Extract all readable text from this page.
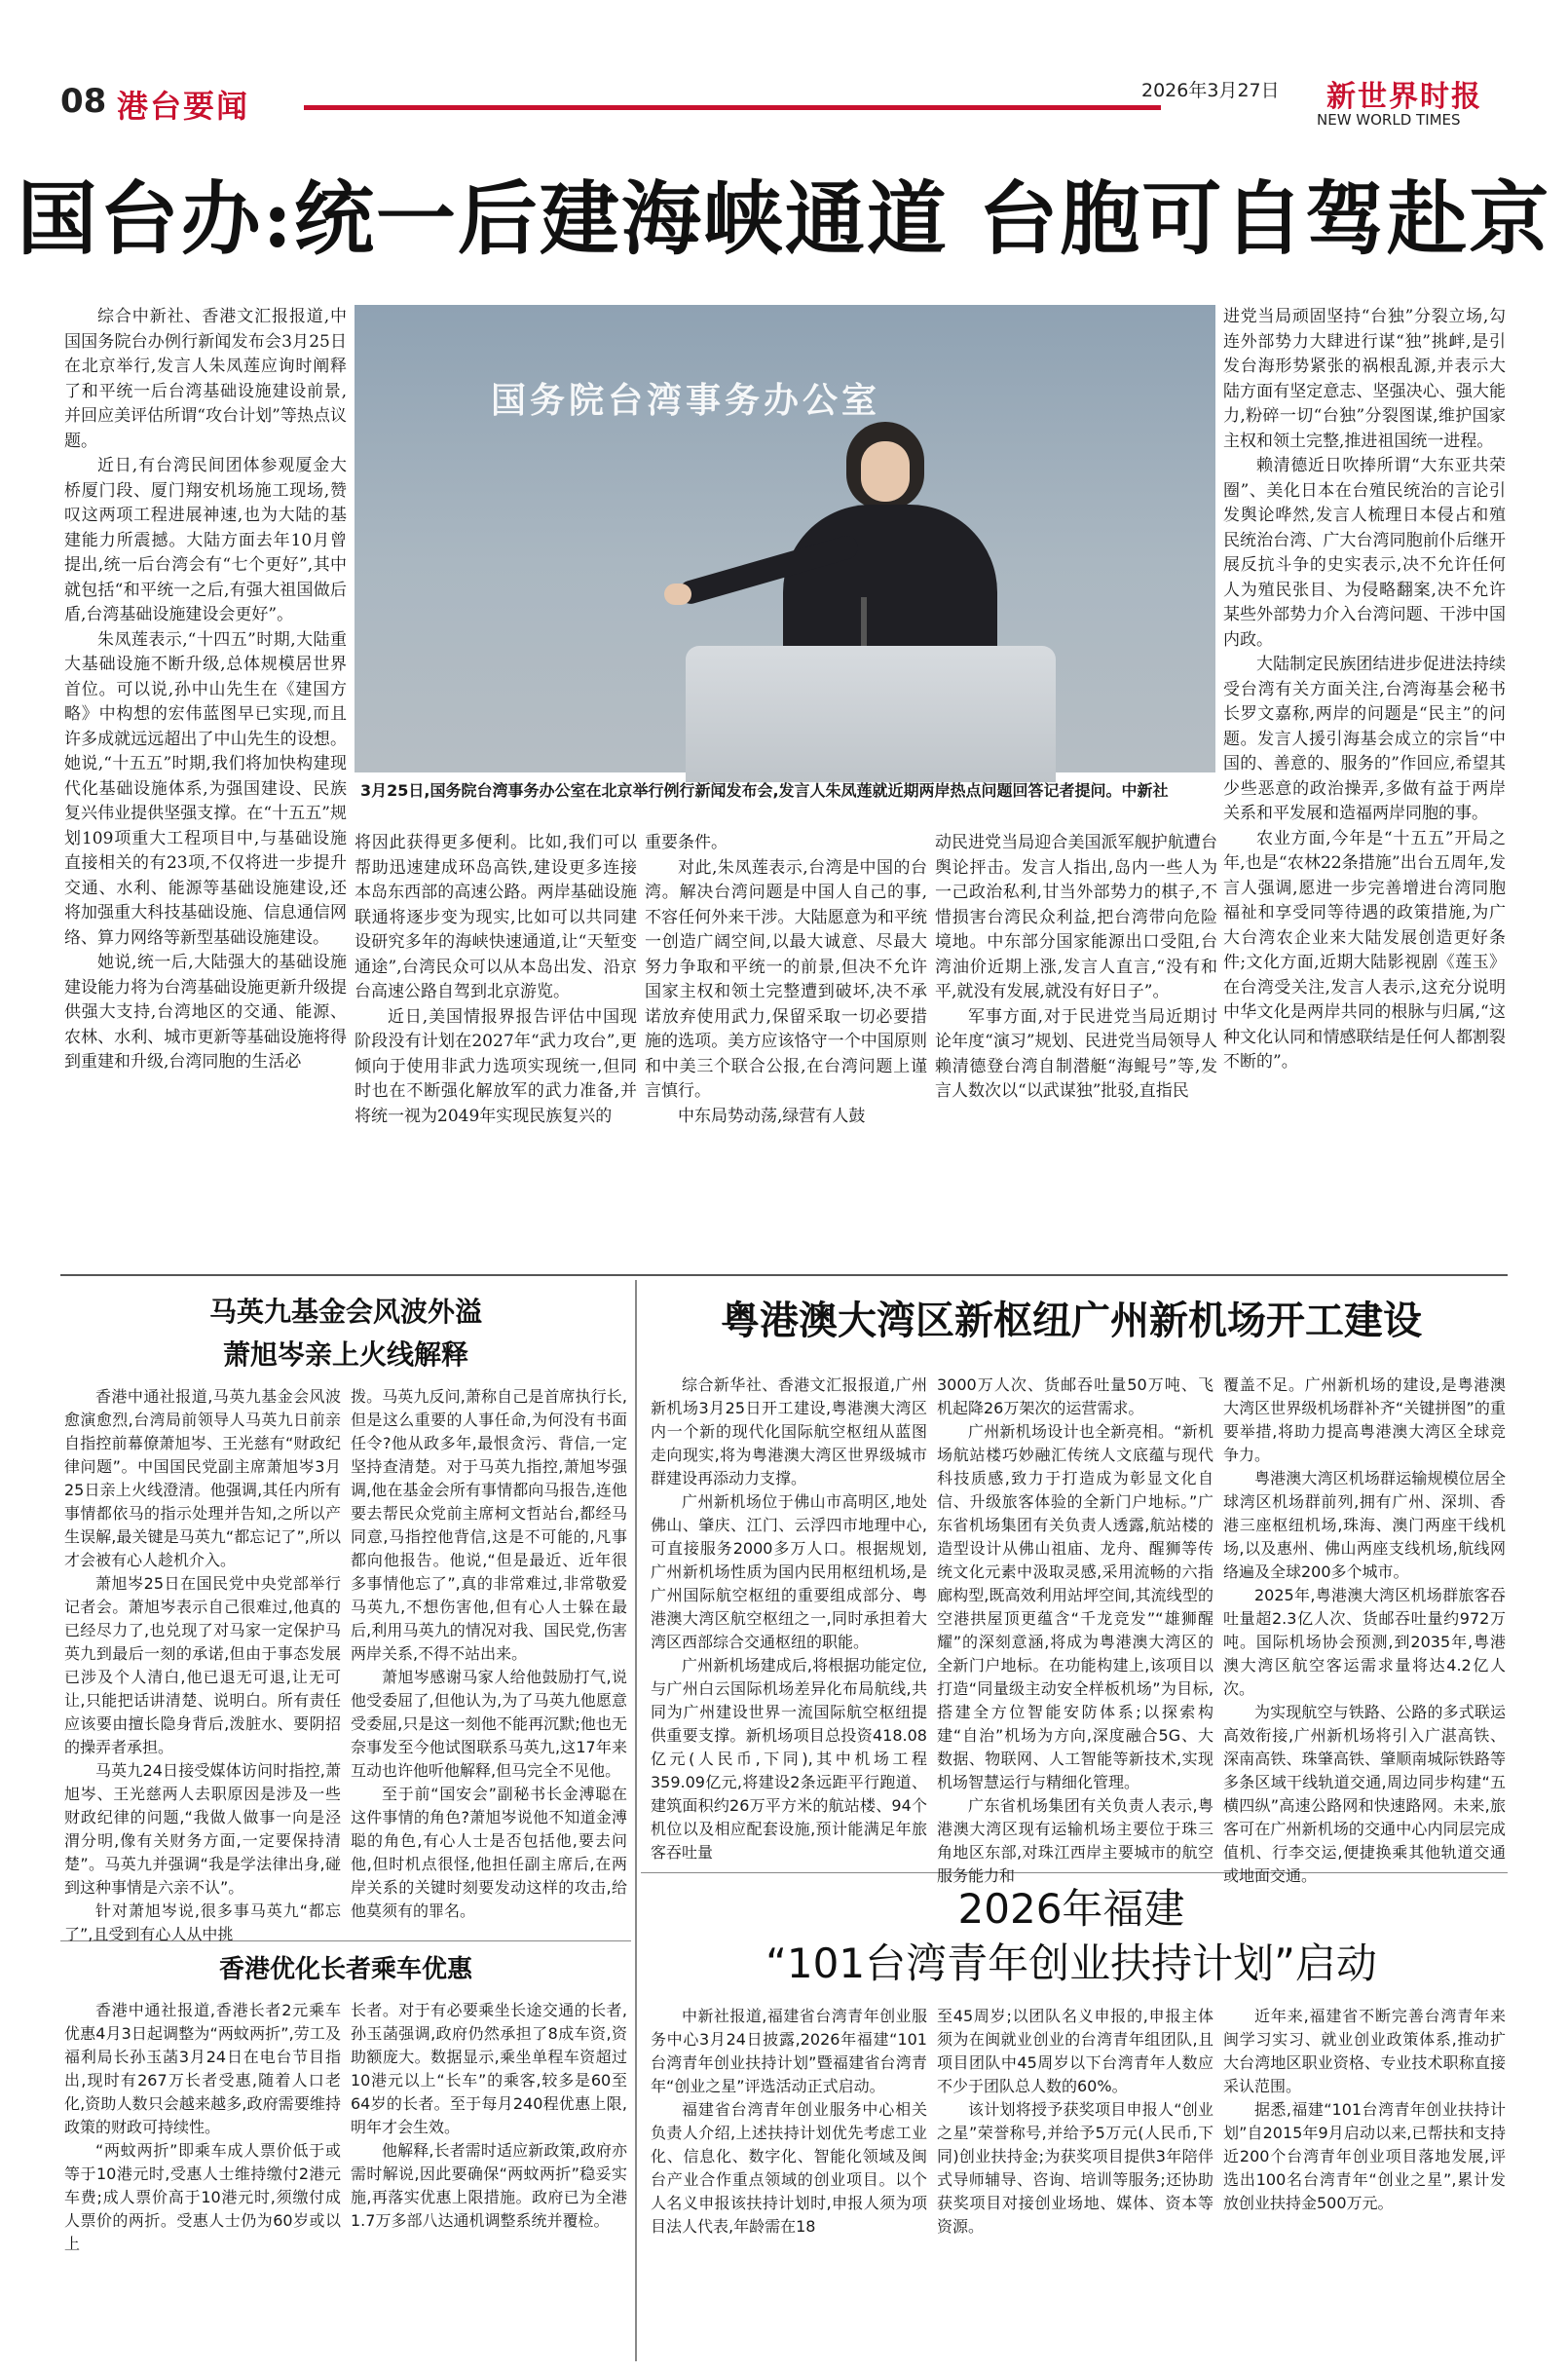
08 港台要闻	2026年3月27日 新世界时报
NEW WORLD TIMES
国台办:统一后建海峡通道 台胞可自驾赴京

综合中新社、香港文汇报报道,中国国务院台办例行新闻发布会3月25日在北京举行,发言人朱凤莲应询时阐释了和平统一后台湾基础设施建设前景,并回应美评估所谓“攻台计划”等热点议题。

近日,有台湾民间团体参观厦金大桥厦门段、厦门翔安机场施工现场,赞叹这两项工程进展神速,也为大陆的基建能力所震撼。大陆方面去年10月曾提出,统一后台湾会有“七个更好”,其中就包括“和平统一之后,有强大祖国做后盾,台湾基础设施建设会更好”。

朱凤莲表示,“十四五”时期,大陆重大基础设施不断升级,总体规模居世界首位。可以说,孙中山先生在《建国方略》中构想的宏伟蓝图早已实现,而且许多成就远远超出了中山先生的设想。她说,“十五五”时期,我们将加快构建现代化基础设施体系,为强国建设、民族复兴伟业提供坚强支撑。在“十五五”规划109项重大工程项目中,与基础设施直接相关的有23项,不仅将进一步提升交通、水利、能源等基础设施建设,还将加强重大科技基础设施、信息通信网络、算力网络等新型基础设施建设。

她说,统一后,大陆强大的基础设施建设能力将为台湾基础设施更新升级提供强大支持,台湾地区的交通、能源、农林、水利、城市更新等基础设施将得到重建和升级,台湾同胞的生活必

国务院台湾事务办公室
3月25日,国务院台湾事务办公室在北京举行例行新闻发布会,发言人朱凤莲就近期两岸热点问题回答记者提问。中新社

将因此获得更多便利。比如,我们可以帮助迅速建成环岛高铁,建设更多连接本岛东西部的高速公路。两岸基础设施联通将逐步变为现实,比如可以共同建设研究多年的海峡快速通道,让“天堑变通途”,台湾民众可以从本岛出发、沿京台高速公路自驾到北京游览。

近日,美国情报界报告评估中国现阶段没有计划在2027年“武力攻台”,更倾向于使用非武力选项实现统一,但同时也在不断强化解放军的武力准备,并将统一视为2049年实现民族复兴的

重要条件。

对此,朱凤莲表示,台湾是中国的台湾。解决台湾问题是中国人自己的事,不容任何外来干涉。大陆愿意为和平统一创造广阔空间,以最大诚意、尽最大努力争取和平统一的前景,但决不允许国家主权和领土完整遭到破坏,决不承诺放弃使用武力,保留采取一切必要措施的选项。美方应该恪守一个中国原则和中美三个联合公报,在台湾问题上谨言慎行。

中东局势动荡,绿营有人鼓

动民进党当局迎合美国派军舰护航遭台舆论抨击。发言人指出,岛内一些人为一己政治私利,甘当外部势力的棋子,不惜损害台湾民众利益,把台湾带向危险境地。中东部分国家能源出口受阻,台湾油价近期上涨,发言人直言,“没有和平,就没有发展,就没有好日子”。

军事方面,对于民进党当局近期讨论年度“演习”规划、民进党当局领导人赖清德登台湾自制潜艇“海鲲号”等,发言人数次以“以武谋独”批驳,直指民

进党当局顽固坚持“台独”分裂立场,勾连外部势力大肆进行谋“独”挑衅,是引发台海形势紧张的祸根乱源,并表示大陆方面有坚定意志、坚强决心、强大能力,粉碎一切“台独”分裂图谋,维护国家主权和领土完整,推进祖国统一进程。

赖清德近日吹捧所谓“大东亚共荣圈”、美化日本在台殖民统治的言论引发舆论哗然,发言人梳理日本侵占和殖民统治台湾、广大台湾同胞前仆后继开展反抗斗争的史实表示,决不允许任何人为殖民张目、为侵略翻案,决不允许某些外部势力介入台湾问题、干涉中国内政。

大陆制定民族团结进步促进法持续受台湾有关方面关注,台湾海基会秘书长罗文嘉称,两岸的问题是“民主”的问题。发言人援引海基会成立的宗旨“中国的、善意的、服务的”作回应,希望其少些恶意的政治操弄,多做有益于两岸关系和平发展和造福两岸同胞的事。

农业方面,今年是“十五五”开局之年,也是“农林22条措施”出台五周年,发言人强调,愿进一步完善增进台湾同胞福祉和享受同等待遇的政策措施,为广大台湾农企业来大陆发展创造更好条件;文化方面,近期大陆影视剧《莲玉》在台湾受关注,发言人表示,这充分说明中华文化是两岸共同的根脉与归属,“这种文化认同和情感联结是任何人都割裂不断的”。

马英九基金会风波外溢
萧旭岑亲上火线解释

香港中通社报道,马英九基金会风波愈演愈烈,台湾局前领导人马英九日前亲自指控前幕僚萧旭岑、王光慈有“财政纪律问题”。中国国民党副主席萧旭岑3月25日亲上火线澄清。他强调,其任内所有事情都依马的指示处理并告知,之所以产生误解,最关键是马英九“都忘记了”,所以才会被有心人趁机介入。

萧旭岑25日在国民党中央党部举行记者会。萧旭岑表示自己很难过,他真的已经尽力了,也兑现了对马家一定保护马英九到最后一刻的承诺,但由于事态发展已涉及个人清白,他已退无可退,让无可让,只能把话讲清楚、说明白。所有责任应该要由擅长隐身背后,泼脏水、要阴招的操弄者承担。

马英九24日接受媒体访问时指控,萧旭岑、王光慈两人去职原因是涉及一些财政纪律的问题,“我做人做事一向是泾渭分明,像有关财务方面,一定要保持清楚”。马英九并强调“我是学法律出身,碰到这种事情是六亲不认”。

针对萧旭岑说,很多事马英九“都忘了”,且受到有心人从中挑

拨。马英九反问,萧称自己是首席执行长,但是这么重要的人事任命,为何没有书面任令?他从政多年,最恨贪污、背信,一定坚持查清楚。对于马英九指控,萧旭岑强调,他在基金会所有事情都向马报告,连他要去帮民众党前主席柯文哲站台,都经马同意,马指控他背信,这是不可能的,凡事都向他报告。他说,“但是最近、近年很多事情他忘了”,真的非常难过,非常敬爱马英九,不想伤害他,但有心人士躲在最后,利用马英九的情况对我、国民党,伤害两岸关系,不得不站出来。

萧旭岑感谢马家人给他鼓励打气,说他受委屈了,但他认为,为了马英九他愿意受委屈,只是这一刻他不能再沉默;他也无奈事发至今他试图联系马英九,这17年来互动也许他听他解释,但马完全不见他。

至于前“国安会”副秘书长金溥聪在这件事情的角色?萧旭岑说他不知道金溥聪的角色,有心人士是否包括他,要去问他,但时机点很怪,他担任副主席后,在两岸关系的关键时刻要发动这样的攻击,给他莫须有的罪名。

香港优化长者乘车优惠

香港中通社报道,香港长者2元乘车优惠4月3日起调整为“两蚊两折”,劳工及福利局长孙玉菡3月24日在电台节目指出,现时有267万长者受惠,随着人口老化,资助人数只会越来越多,政府需要维持政策的财政可持续性。

“两蚊两折”即乘车成人票价低于或等于10港元时,受惠人士维持缴付2港元车费;成人票价高于10港元时,须缴付成人票价的两折。受惠人士仍为60岁或以上

长者。对于有必要乘坐长途交通的长者,孙玉菡强调,政府仍然承担了8成车资,资助额庞大。数据显示,乘坐单程车资超过10港元以上“长车”的乘客,较多是60至64岁的长者。至于每月240程优惠上限,明年才会生效。

他解释,长者需时适应新政策,政府亦需时解说,因此要确保“两蚊两折”稳妥实施,再落实优惠上限措施。政府已为全港1.7万多部八达通机调整系统并覆检。

粤港澳大湾区新枢纽广州新机场开工建设

综合新华社、香港文汇报报道,广州新机场3月25日开工建设,粤港澳大湾区内一个新的现代化国际航空枢纽从蓝图走向现实,将为粤港澳大湾区世界级城市群建设再添动力支撑。

广州新机场位于佛山市高明区,地处佛山、肇庆、江门、云浮四市地理中心,可直接服务2000多万人口。根据规划,广州新机场性质为国内民用枢纽机场,是广州国际航空枢纽的重要组成部分、粤港澳大湾区航空枢纽之一,同时承担着大湾区西部综合交通枢纽的职能。

广州新机场建成后,将根据功能定位,与广州白云国际机场差异化布局航线,共同为广州建设世界一流国际航空枢纽提供重要支撑。新机场项目总投资418.08亿元(人民币,下同),其中机场工程359.09亿元,将建设2条远距平行跑道、建筑面积约26万平方米的航站楼、94个机位以及相应配套设施,预计能满足年旅客吞吐量

3000万人次、货邮吞吐量50万吨、飞机起降26万架次的运营需求。

广州新机场设计也全新亮相。“新机场航站楼巧妙融汇传统人文底蕴与现代科技质感,致力于打造成为彰显文化自信、升级旅客体验的全新门户地标。”广东省机场集团有关负责人透露,航站楼的造型设计从佛山祖庙、龙舟、醒狮等传统文化元素中汲取灵感,采用流畅的六指廊构型,既高效利用站坪空间,其流线型的空港拱屋顶更蕴含“千龙竞发”“雄狮醒耀”的深刻意涵,将成为粤港澳大湾区的全新门户地标。在功能构建上,该项目以打造“同量级主动安全样板机场”为目标,搭建全方位智能安防体系;以探索构建“自治”机场为方向,深度融合5G、大数据、物联网、人工智能等新技术,实现机场智慧运行与精细化管理。

广东省机场集团有关负责人表示,粤港澳大湾区现有运输机场主要位于珠三角地区东部,对珠江西岸主要城市的航空服务能力和

覆盖不足。广州新机场的建设,是粤港澳大湾区世界级机场群补齐“关键拼图”的重要举措,将助力提高粤港澳大湾区全球竞争力。

粤港澳大湾区机场群运输规模位居全球湾区机场群前列,拥有广州、深圳、香港三座枢纽机场,珠海、澳门两座干线机场,以及惠州、佛山两座支线机场,航线网络遍及全球200多个城市。

2025年,粤港澳大湾区机场群旅客吞吐量超2.3亿人次、货邮吞吐量约972万吨。国际机场协会预测,到2035年,粤港澳大湾区航空客运需求量将达4.2亿人次。

为实现航空与铁路、公路的多式联运高效衔接,广州新机场将引入广湛高铁、深南高铁、珠肇高铁、肇顺南城际铁路等多条区域干线轨道交通,周边同步构建“五横四纵”高速公路网和快速路网。未来,旅客可在广州新机场的交通中心内同层完成值机、行李交运,便捷换乘其他轨道交通或地面交通。

2026年福建
“101台湾青年创业扶持计划”启动

中新社报道,福建省台湾青年创业服务中心3月24日披露,2026年福建“101台湾青年创业扶持计划”暨福建省台湾青年“创业之星”评选活动正式启动。

福建省台湾青年创业服务中心相关负责人介绍,上述扶持计划优先考虑工业化、信息化、数字化、智能化领域及闽台产业合作重点领域的创业项目。以个人名义申报该扶持计划时,申报人须为项目法人代表,年龄需在18

至45周岁;以团队名义申报的,申报主体须为在闽就业创业的台湾青年组团队,且项目团队中45周岁以下台湾青年人数应不少于团队总人数的60%。

该计划将授予获奖项目申报人“创业之星”荣誉称号,并给予5万元(人民币,下同)创业扶持金;为获奖项目提供3年陪伴式导师辅导、咨询、培训等服务;还协助获奖项目对接创业场地、媒体、资本等资源。

近年来,福建省不断完善台湾青年来闽学习实习、就业创业政策体系,推动扩大台湾地区职业资格、专业技术职称直接采认范围。

据悉,福建“101台湾青年创业扶持计划”自2015年9月启动以来,已帮扶和支持近200个台湾青年创业项目落地发展,评选出100名台湾青年“创业之星”,累计发放创业扶持金500万元。
